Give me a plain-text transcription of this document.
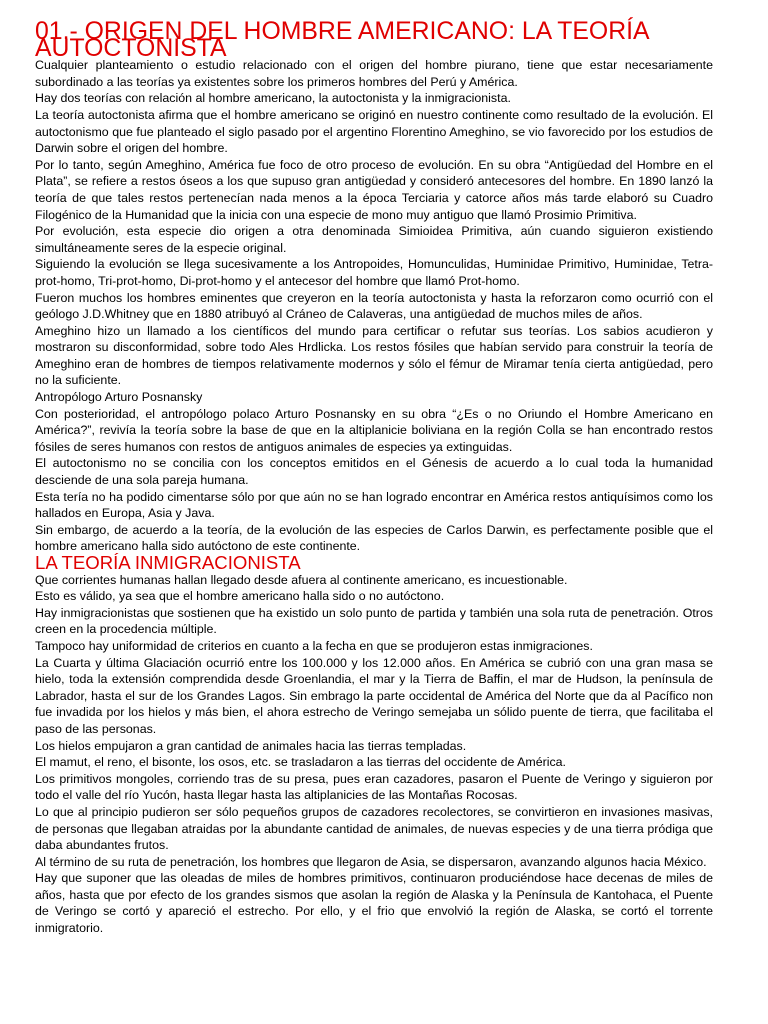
01.- ORIGEN DEL HOMBRE AMERICANO: LA TEORÍA AUTOCTONISTA

Cualquier planteamiento o estudio relacionado con el origen del hombre piurano, tiene que estar necesariamente subordinado a las teorías ya existentes sobre los primeros hombres del Perú y América.

Hay dos teorías con relación al hombre americano, la autoctonista y la inmigracionista.

La teoría autoctonista afirma que el hombre americano se originó en nuestro continente como resultado de la evolución. El autoctonismo que fue planteado el siglo pasado por el argentino Florentino Ameghino, se vio favorecido por los estudios de Darwin sobre el origen del hombre.

Por lo tanto, según Ameghino, América fue foco de otro proceso de evolución. En su obra “Antigüedad del Hombre en el Plata”, se refiere a restos óseos a los que supuso gran antigüedad y consideró antecesores del hombre. En 1890 lanzó la teoría de que tales restos pertenecían nada menos a la época Terciaria y catorce años más tarde elaboró su Cuadro Filogénico de la Humanidad que la inicia con una especie de mono muy antiguo que llamó Prosimio Primitiva.

Por evolución, esta especie dio origen a otra denominada Simioidea Primitiva, aún cuando siguieron existiendo simultáneamente seres de la especie original.

Siguiendo la evolución se llega sucesivamente a los Antropoides, Homunculidas, Huminidae Primitivo, Huminidae, Tetra-prot-homo, Tri-prot-homo, Di-prot-homo y el antecesor del hombre que llamó Prot-homo.

Fueron muchos los hombres eminentes que creyeron en la teoría autoctonista y hasta la reforzaron como ocurrió con el geólogo J.D.Whitney que en 1880 atribuyó al Cráneo de Calaveras, una antigüedad de muchos miles de años.

Ameghino hizo un llamado a los científicos del mundo para certificar o refutar sus teorías. Los sabios acudieron y mostraron su disconformidad, sobre todo Ales Hrdlicka. Los restos fósiles que habían servido para construir la teoría de Ameghino eran de hombres de tiempos relativamente modernos y sólo el fémur de Miramar tenía cierta antigüedad, pero no la suficiente.

Antropólogo Arturo Posnansky

Con posterioridad, el antropólogo polaco Arturo Posnansky en su obra “¿Es o no Oriundo el Hombre Americano en América?”, revivía la teoría sobre la base de que en la altiplanicie boliviana en la región Colla se han encontrado restos fósiles de seres humanos con restos de antiguos animales de especies ya extinguidas.

El autoctonismo no se concilia con los conceptos emitidos en el Génesis de acuerdo a lo cual toda la humanidad desciende de una sola pareja humana.

Esta tería no ha podido cimentarse sólo por que aún no se han logrado encontrar en América restos antiquísimos como los hallados en Europa, Asia y Java.

Sin embargo, de acuerdo a la teoría, de la evolución de las especies de Carlos Darwin, es perfectamente posible que el hombre americano halla sido autóctono de este continente.

LA TEORÍA INMIGRACIONISTA

Que corrientes humanas hallan llegado desde afuera al continente americano, es incuestionable.

Esto es válido, ya sea que el hombre americano halla sido o no autóctono.

Hay inmigracionistas que sostienen que ha existido un solo punto de partida y también una sola ruta de penetración. Otros creen en la procedencia múltiple.

Tampoco hay uniformidad de criterios en cuanto a la fecha en que se produjeron estas inmigraciones.

La Cuarta y última Glaciación ocurrió entre los 100.000 y los 12.000 años. En América se cubrió con una gran masa se hielo, toda la extensión comprendida desde Groenlandia, el mar y la Tierra de Baffin, el mar de Hudson, la península de Labrador, hasta el sur de los Grandes Lagos. Sin embrago la parte occidental de América del Norte que da al Pacífico non fue invadida por los hielos y más bien, el ahora estrecho de Veringo semejaba un sólido puente de tierra, que facilitaba el paso de las personas.

Los hielos empujaron a gran cantidad de animales hacia las tierras templadas.

El mamut, el reno, el bisonte, los osos, etc. se trasladaron a las tierras del occidente de América.

Los primitivos mongoles, corriendo tras de su presa, pues eran cazadores, pasaron el Puente de Veringo y siguieron por todo el valle del río Yucón, hasta llegar hasta las altiplanicies de las Montañas Rocosas.

Lo que al principio pudieron ser sólo pequeños grupos de cazadores recolectores, se convirtieron en invasiones masivas, de personas que llegaban atraidas por la abundante cantidad de animales, de nuevas especies y de una tierra pródiga que daba abundantes frutos.

Al término de su ruta de penetración, los hombres que llegaron de Asia, se dispersaron, avanzando algunos hacia México.

Hay que suponer que las oleadas de miles de hombres primitivos, continuaron produciéndose hace decenas de miles de años, hasta que por efecto de los grandes sismos que asolan la región de Alaska y la Península de Kantohaca, el Puente de Veringo se cortó y apareció el estrecho. Por ello, y el frio que envolvió la región de Alaska, se cortó el torrente inmigratorio.
